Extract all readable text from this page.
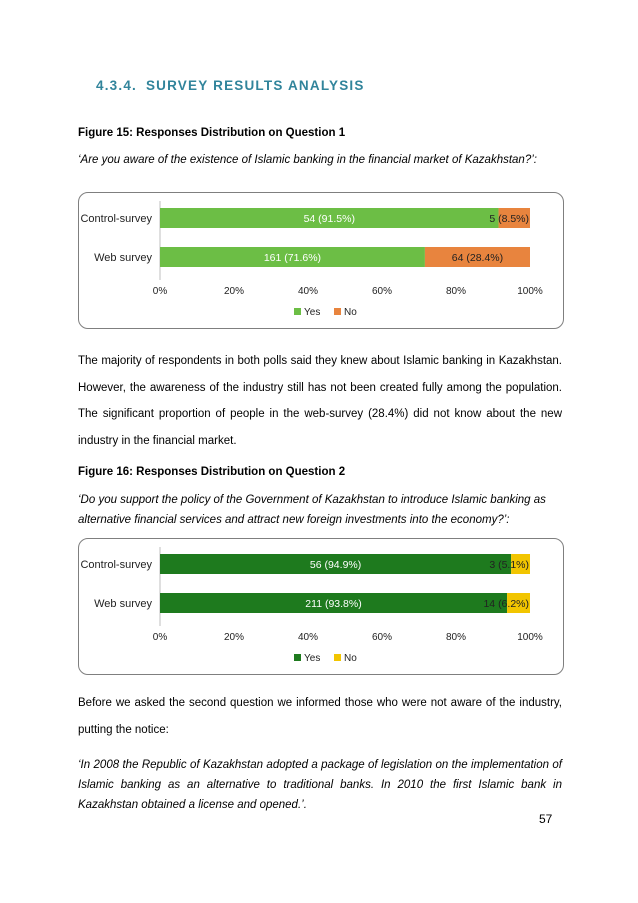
4.3.4. SURVEY RESULTS ANALYSIS
Figure 15: Responses Distribution on Question 1
‘Are you aware of the existence of Islamic banking in the financial market of Kazakhstan?’:
Control-survey	54 (91.5%)	5 (8.5%)
Web survey	161 (71.6%)	64 (28.4%)
0%	20%	40%	60%	80%	100%
Yes No
The majority of respondents in both polls said they knew about Islamic banking in Kazakhstan. However, the awareness of the industry still has not been created fully among the population. The significant proportion of people in the web-survey (28.4%) did not know about the new industry in the financial market.
Figure 16: Responses Distribution on Question 2
‘Do you support the policy of the Government of Kazakhstan to introduce Islamic banking as alternative financial services and attract new foreign investments into the economy?’:
Control-survey	56 (94.9%)	3 (5.1%)
Web survey	211 (93.8%)	14 (6.2%)
0%	20%	40%	60%	80%	100%
Yes No
Before we asked the second question we informed those who were not aware of the industry, putting the notice:
‘In 2008 the Republic of Kazakhstan adopted a package of legislation on the implementation of Islamic banking as an alternative to traditional banks. In 2010 the first Islamic bank in Kazakhstan obtained a license and opened.’.
57
